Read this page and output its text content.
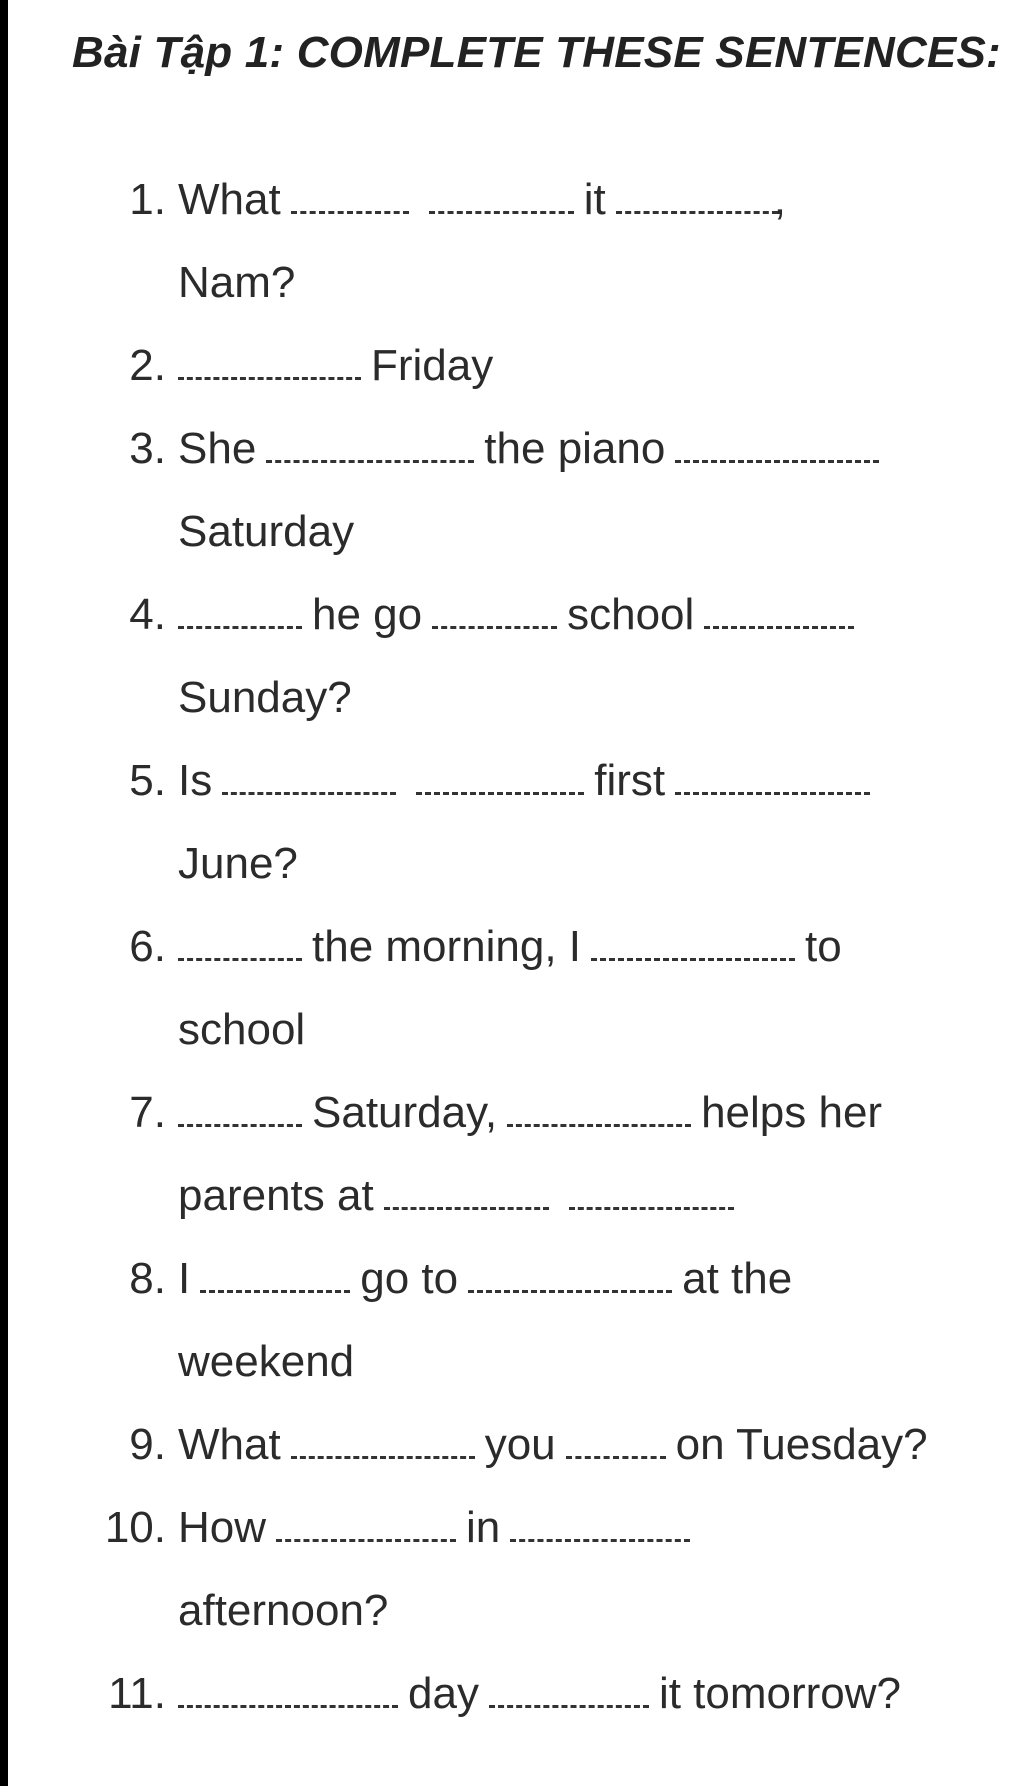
Bài Tập 1: COMPLETE THESE SENTENCES:
1. What	it	,
Nam?
2.	Friday
3. She	the piano
Saturday
4.	he go	school
Sunday?
5. Is	first
June?
6.	the morning, I	to
school
7.	Saturday,	helps her
parents at
8. I	go to	at the
weekend
9. What	you	on Tuesday?
10. How	in
afternoon?
11.	day	it tomorrow?
